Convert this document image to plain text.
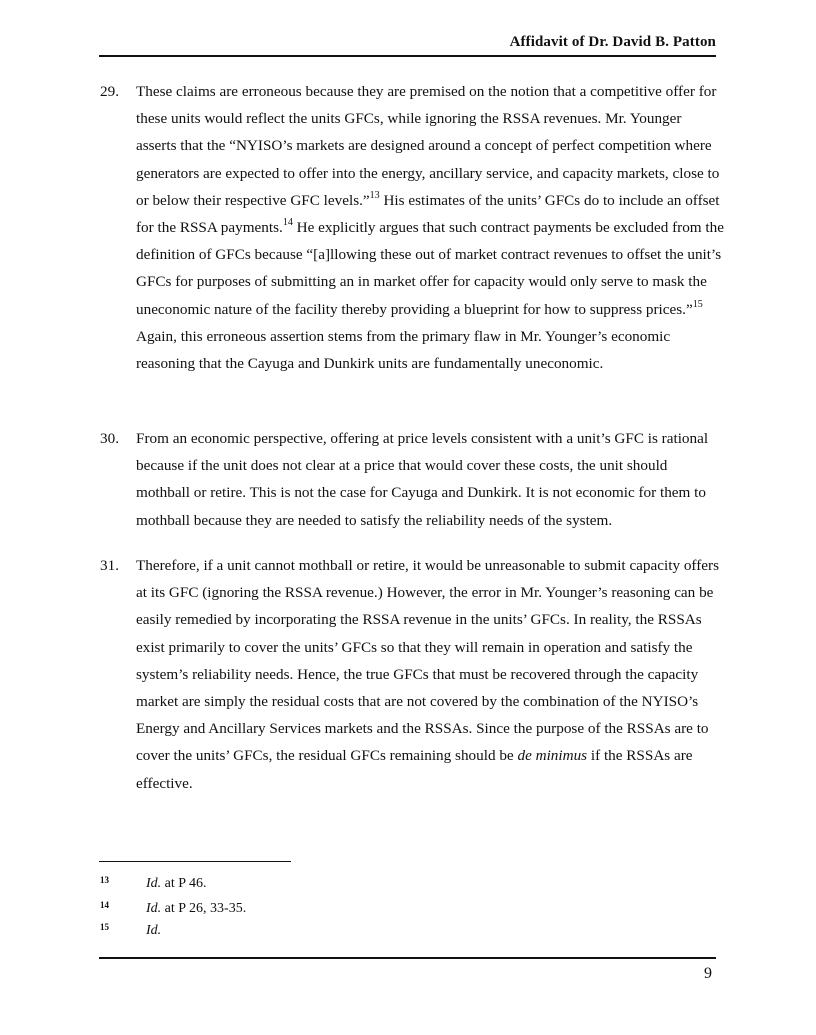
Affidavit of Dr. David B. Patton
29.	These claims are erroneous because they are premised on the notion that a competitive offer for these units would reflect the units GFCs, while ignoring the RSSA revenues. Mr. Younger asserts that the “NYISO’s markets are designed around a concept of perfect competition where generators are expected to offer into the energy, ancillary service, and capacity markets, close to or below their respective GFC levels.”$^{13}$ His estimates of the units’ GFCs do to include an offset for the RSSA payments.$^{14}$ He explicitly argues that such contract payments be excluded from the definition of GFCs because “[a]llowing these out of market contract revenues to offset the unit’s GFCs for purposes of submitting an in market offer for capacity would only serve to mask the uneconomic nature of the facility thereby providing a blueprint for how to suppress prices.”$^{15}$ Again, this erroneous assertion stems from the primary flaw in Mr. Younger’s economic reasoning that the Cayuga and Dunkirk units are fundamentally uneconomic.
30.	From an economic perspective, offering at price levels consistent with a unit’s GFC is rational because if the unit does not clear at a price that would cover these costs, the unit should mothball or retire. This is not the case for Cayuga and Dunkirk. It is not economic for them to mothball because they are needed to satisfy the reliability needs of the system.
31.	Therefore, if a unit cannot mothball or retire, it would be unreasonable to submit capacity offers at its GFC (ignoring the RSSA revenue.) However, the error in Mr. Younger’s reasoning can be easily remedied by incorporating the RSSA revenue in the units’ GFCs. In reality, the RSSAs exist primarily to cover the units’ GFCs so that they will remain in operation and satisfy the system’s reliability needs. Hence, the true GFCs that must be recovered through the capacity market are simply the residual costs that are not covered by the combination of the NYISO’s Energy and Ancillary Services markets and the RSSAs. Since the purpose of the RSSAs are to cover the units’ GFCs, the residual GFCs remaining should be de minimus if the RSSAs are effective.
13	Id. at P 46.
14	Id. at P 26, 33-35.
15	Id.
9
